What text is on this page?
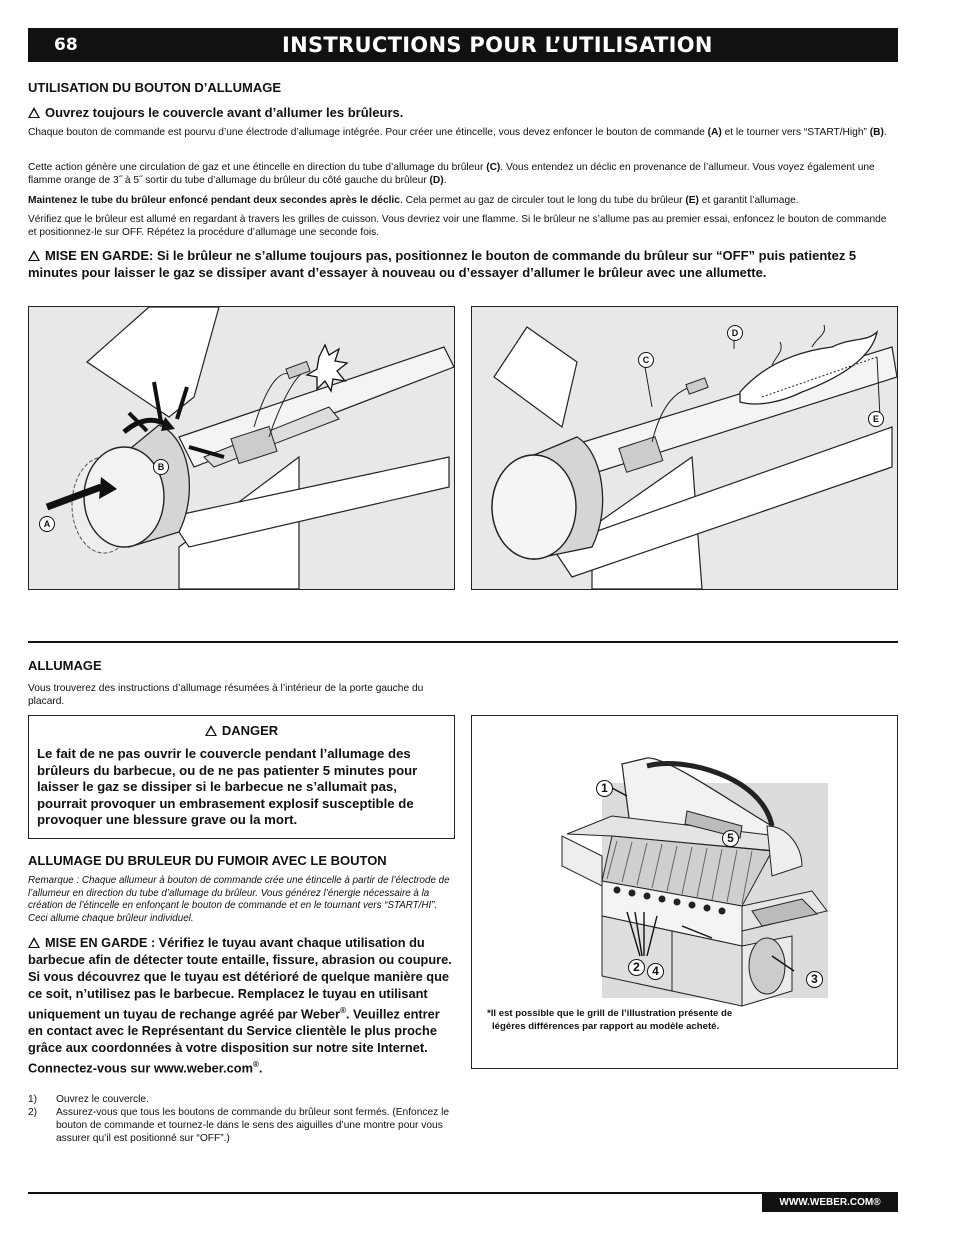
68	INSTRUCTIONS POUR L’UTILISATION
UTILISATION DU BOUTON D’ALLUMAGE
Ouvrez toujours le couvercle avant d’allumer les brûleurs.
Chaque bouton de commande est pourvu d’une électrode d’allumage intégrée. Pour créer une étincelle, vous devez enfoncer le bouton de commande (A) et le tourner vers “START/High” (B).
Cette action génère une circulation de gaz et une étincelle en direction du tube d’allumage du brûleur (C). Vous entendez un déclic en provenance de l’allumeur. Vous voyez également une flamme orange de 3˝ à 5˝ sortir du tube d’allumage du brûleur du côté gauche du brûleur (D).
Maintenez le tube du brûleur enfoncé pendant deux secondes après le déclic. Cela permet au gaz de circuler tout le long du tube du brûleur (E) et garantit l’allumage.
Vérifiez que le brûleur est allumé en regardant à travers les grilles de cuisson. Vous devriez voir une flamme. Si le brûleur ne s’allume pas au premier essai, enfoncez le bouton de commande et positionnez-le sur OFF. Répétez la procédure d’allumage une seconde fois.
MISE EN GARDE: Si le brûleur ne s’allume toujours pas, positionnez le bouton de commande du brûleur sur “OFF” puis patientez 5 minutes pour laisser le gaz se dissiper avant d’essayer à nouveau ou d’essayer d’allumer le brûleur avec une allumette.
B
A
C
D
E
ALLUMAGE
Vous trouverez des instructions d’allumage résumées à l’intérieur de la porte gauche du placard.
DANGER
Le fait de ne pas ouvrir le couvercle pendant l’allumage des brûleurs du barbecue, ou de ne pas patienter 5 minutes pour laisser le gaz se dissiper si le barbecue ne s’allumait pas, pourrait provoquer un embrasement explosif susceptible de provoquer une blessure grave ou la mort.
ALLUMAGE DU BRULEUR DU FUMOIR AVEC LE BOUTON
Remarque : Chaque allumeur à bouton de commande crée une étincelle à partir de l’électrode de l’allumeur en direction du tube d’allumage du brûleur. Vous générez l’énergie nécessaire à la création de l’étincelle en enfonçant le bouton de commande et en le tournant vers “START/HI”. Ceci allume chaque brûleur individuel.
MISE EN GARDE : Vérifiez le tuyau avant chaque utilisation du barbecue afin de détecter toute entaille, fissure, abrasion ou coupure. Si vous découvrez que le tuyau est détérioré de quelque manière que ce soit, n’utilisez pas le barbecue. Remplacez le tuyau en utilisant uniquement un tuyau de rechange agréé par Weber®. Veuillez entrer en contact avec le Représentant du Service clientèle le plus proche grâce aux coordonnées à votre disposition sur notre site Internet. Connectez-vous sur www.weber.com®.
1)	Ouvrez le couvercle.
2)	Assurez-vous que tous les boutons de commande du brûleur sont fermés. (Enfoncez le bouton de commande et tournez-le dans le sens des aiguilles d’une montre pour vous assurer qu’il est positionné sur “OFF”.)
1
5
2	4
3
*Il est possible que le grill de l’illustration présente de légères différences par rapport au modèle acheté.
WWW.WEBER.COM®
